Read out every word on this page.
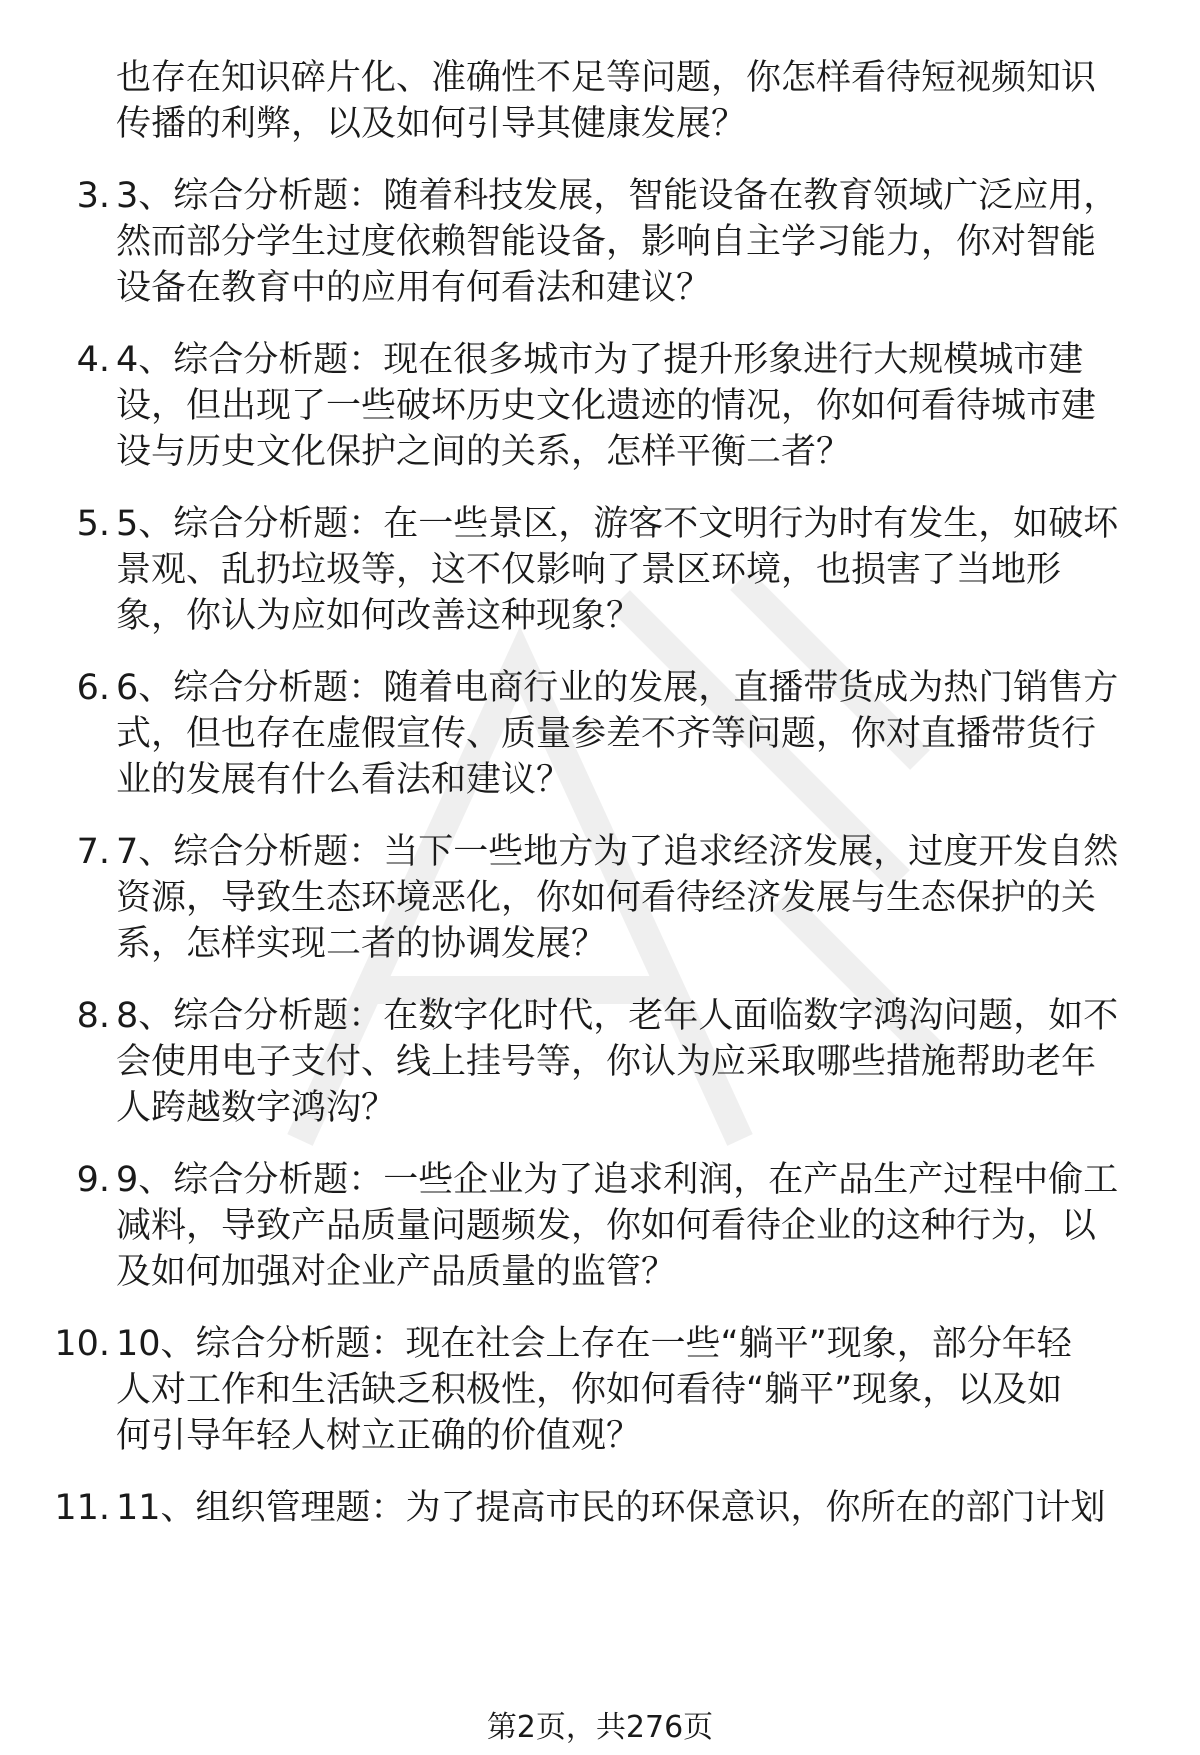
也存在知识碎片化、准确性不足等问题，你怎样看待短视频知识
传播的利弊，以及如何引导其健康发展？
3. 3、综合分析题：随着科技发展，智能设备在教育领域广泛应用，
然而部分学生过度依赖智能设备，影响自主学习能力，你对智能
设备在教育中的应用有何看法和建议？
4. 4、综合分析题：现在很多城市为了提升形象进行大规模城市建
设，但出现了一些破坏历史文化遗迹的情况，你如何看待城市建
设与历史文化保护之间的关系，怎样平衡二者？
5. 5、综合分析题：在一些景区，游客不文明行为时有发生，如破坏
景观、乱扔垃圾等，这不仅影响了景区环境，也损害了当地形
象，你认为应如何改善这种现象？
6. 6、综合分析题：随着电商行业的发展，直播带货成为热门销售方
式，但也存在虚假宣传、质量参差不齐等问题，你对直播带货行
业的发展有什么看法和建议？
7. 7、综合分析题：当下一些地方为了追求经济发展，过度开发自然
资源，导致生态环境恶化，你如何看待经济发展与生态保护的关
系，怎样实现二者的协调发展？
8. 8、综合分析题：在数字化时代，老年人面临数字鸿沟问题，如不
会使用电子支付、线上挂号等，你认为应采取哪些措施帮助老年
人跨越数字鸿沟？
9. 9、综合分析题：一些企业为了追求利润，在产品生产过程中偷工
减料，导致产品质量问题频发，你如何看待企业的这种行为，以
及如何加强对企业产品质量的监管？
10. 10、综合分析题：现在社会上存在一些“躺平”现象，部分年轻
人对工作和生活缺乏积极性，你如何看待“躺平”现象，以及如
何引导年轻人树立正确的价值观？
11. 11、组织管理题：为了提高市民的环保意识，你所在的部门计划
第2页，共276页
